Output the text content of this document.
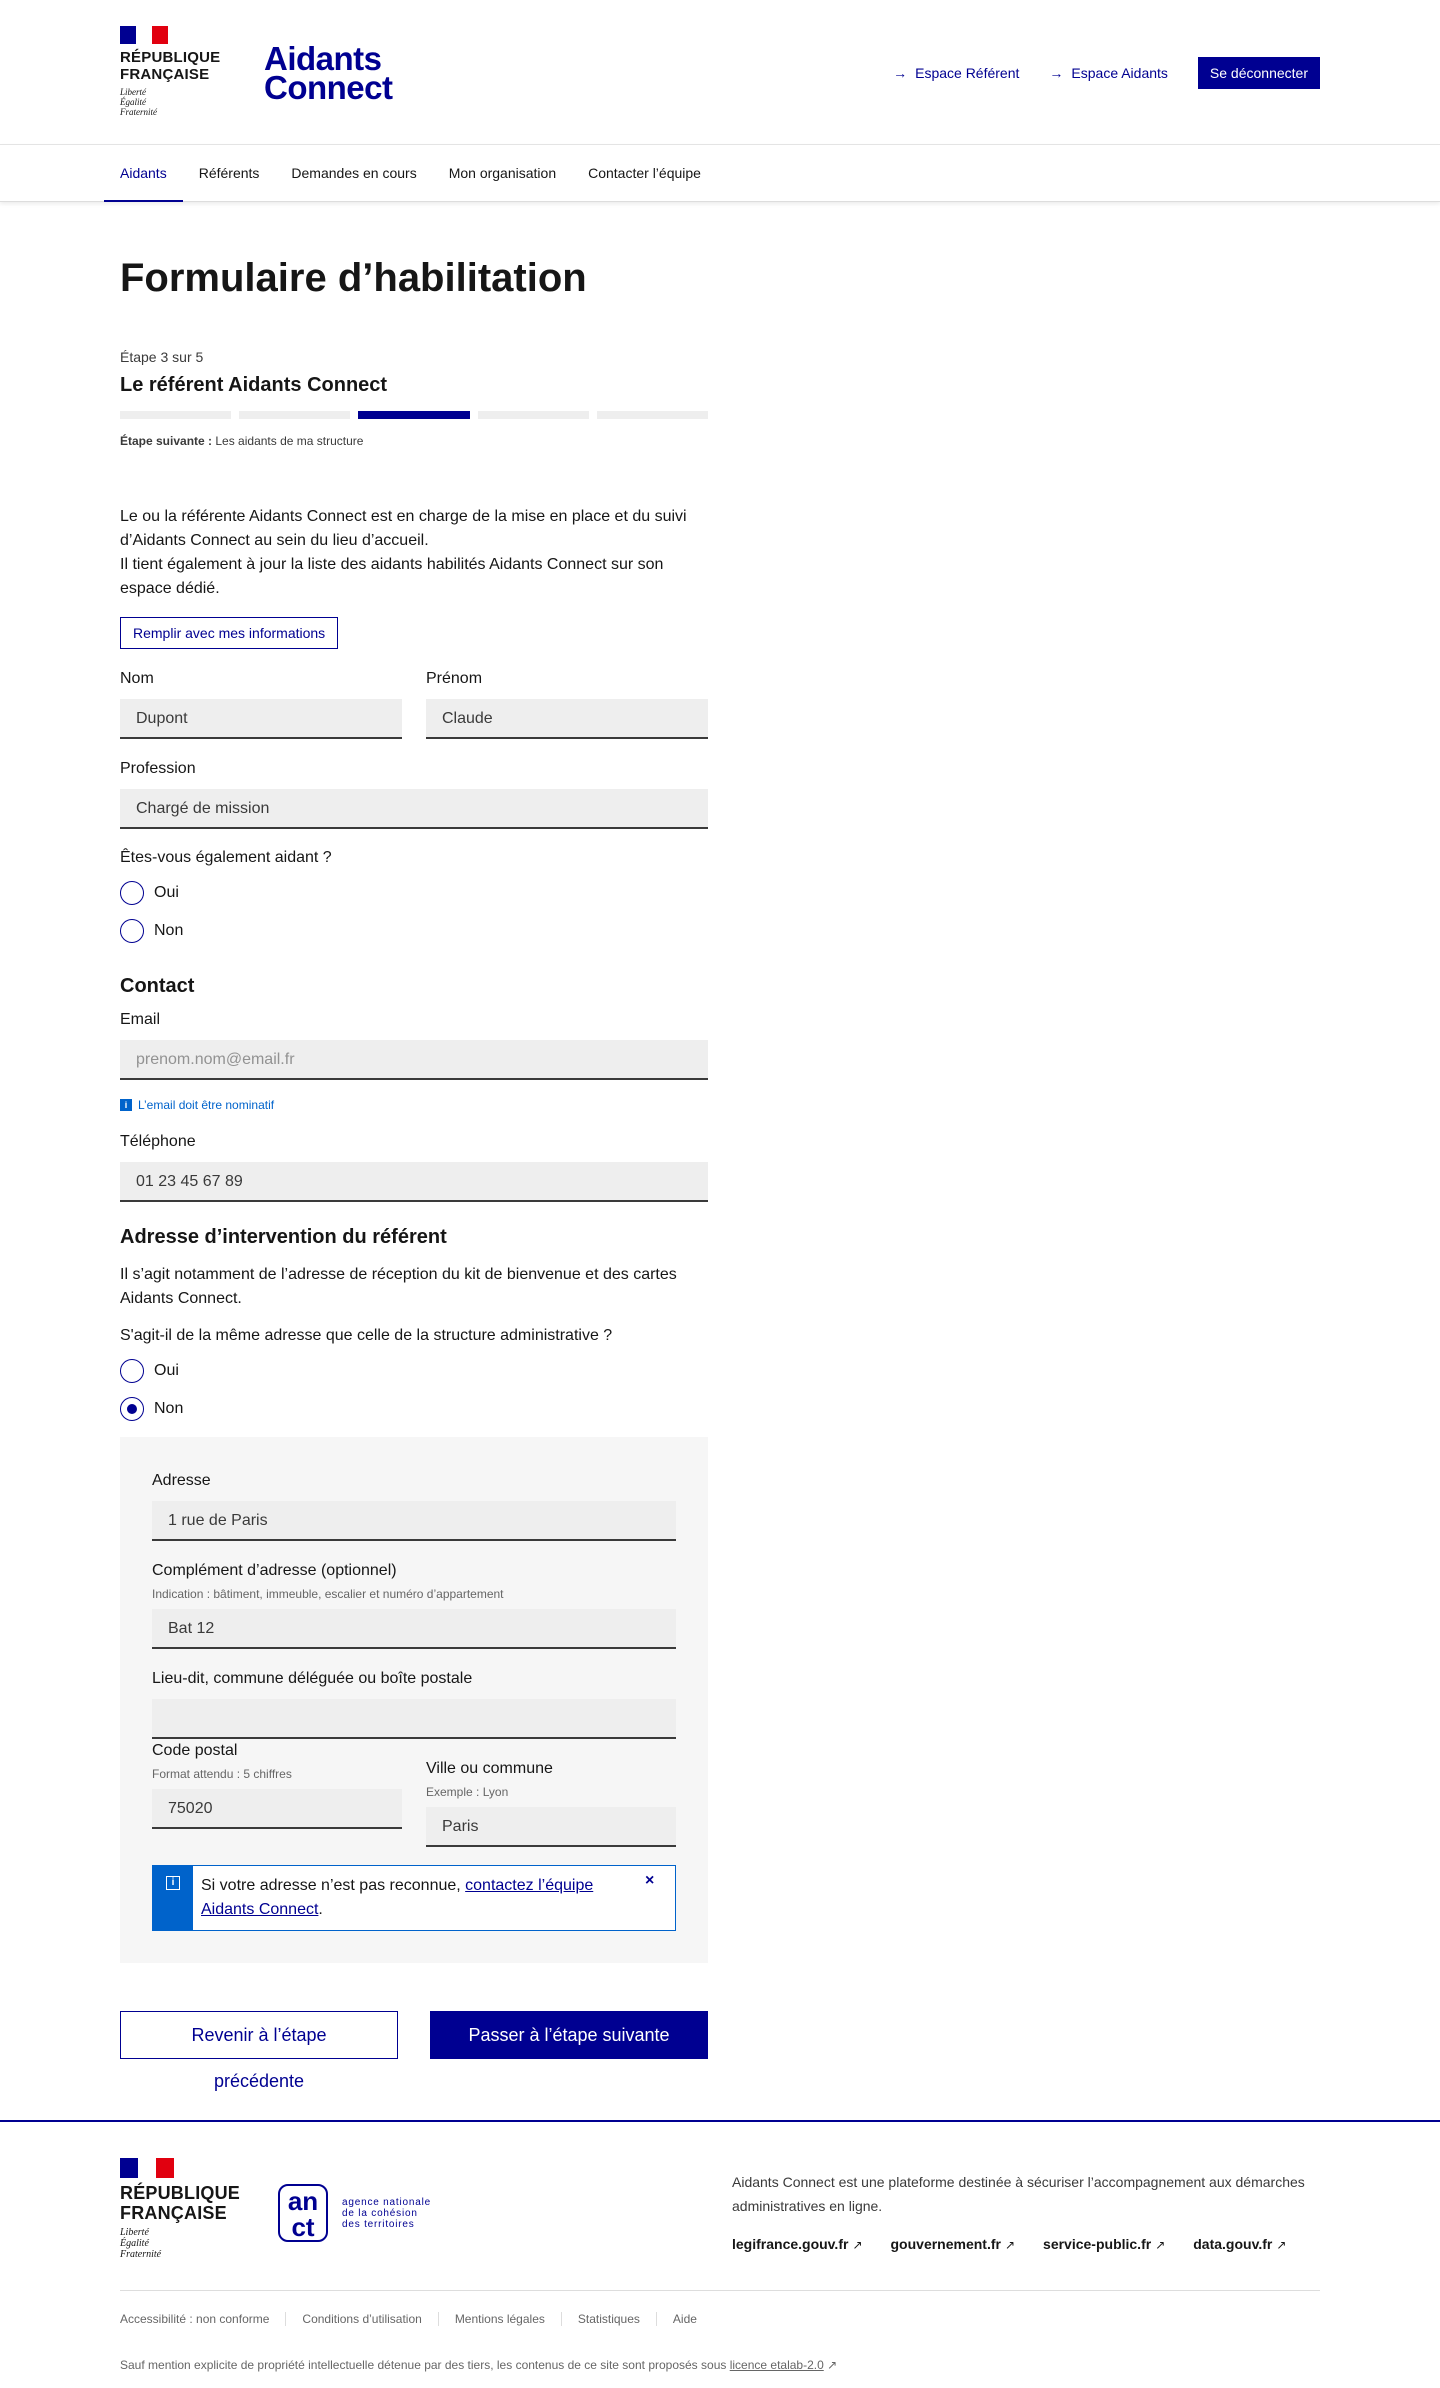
RÉPUBLIQUE
FRANÇAISE
Liberté
Égalité
Fraternité
Aidants
Connect	→ Espace Référent → Espace Aidants	Se déconnecter
Aidants	Référents	Demandes en cours	Mon organisation	Contacter l’équipe
Formulaire d’habilitation
Étape 3 sur 5
Le référent Aidants Connect
Étape suivante : Les aidants de ma structure
Le ou la référente Aidants Connect est en charge de la mise en place et du suivi d’Aidants Connect au sein du lieu d’accueil.
Il tient également à jour la liste des aidants habilités Aidants Connect sur son espace dédié.
Remplir avec mes informations
Nom
Dupont
Prénom
Claude
Profession
Chargé de mission
Êtes-vous également aidant ?
Oui
Non
Contact
Email
prenom.nom@email.fr
i L’email doit être nominatif
Téléphone
01 23 45 67 89
Adresse d’intervention du référent
Il s’agit notamment de l’adresse de réception du kit de bienvenue et des cartes Aidants Connect.
S'agit-il de la même adresse que celle de la structure administrative ?
Oui
Non
Adresse
1 rue de Paris
Complément d’adresse (optionnel)
Indication : bâtiment, immeuble, escalier et numéro d’appartement
Bat 12
Lieu-dit, commune déléguée ou boîte postale
Code postal
Format attendu : 5 chiffres
75020
Ville ou commune
Exemple : Lyon
Paris
i	Si votre adresse n’est pas reconnue, contactez l’équipe Aidants Connect.
×
Revenir à l’étape précédente
Passer à l’étape suivante
RÉPUBLIQUE
FRANÇAISE
Liberté
Égalité
Fraternité
an
ct
agence nationale
de la cohésion
des territoires
Aidants Connect est une plateforme destinée à sécuriser l’accompagnement aux démarches administratives en ligne.
legifrance.gouv.fr ↗ gouvernement.fr ↗ service-public.fr ↗ data.gouv.fr ↗
Accessibilité : non conforme	Conditions d’utilisation	Mentions légales	Statistiques	Aide
Sauf mention explicite de propriété intellectuelle détenue par des tiers, les contenus de ce site sont proposés sous licence etalab-2.0 ↗
